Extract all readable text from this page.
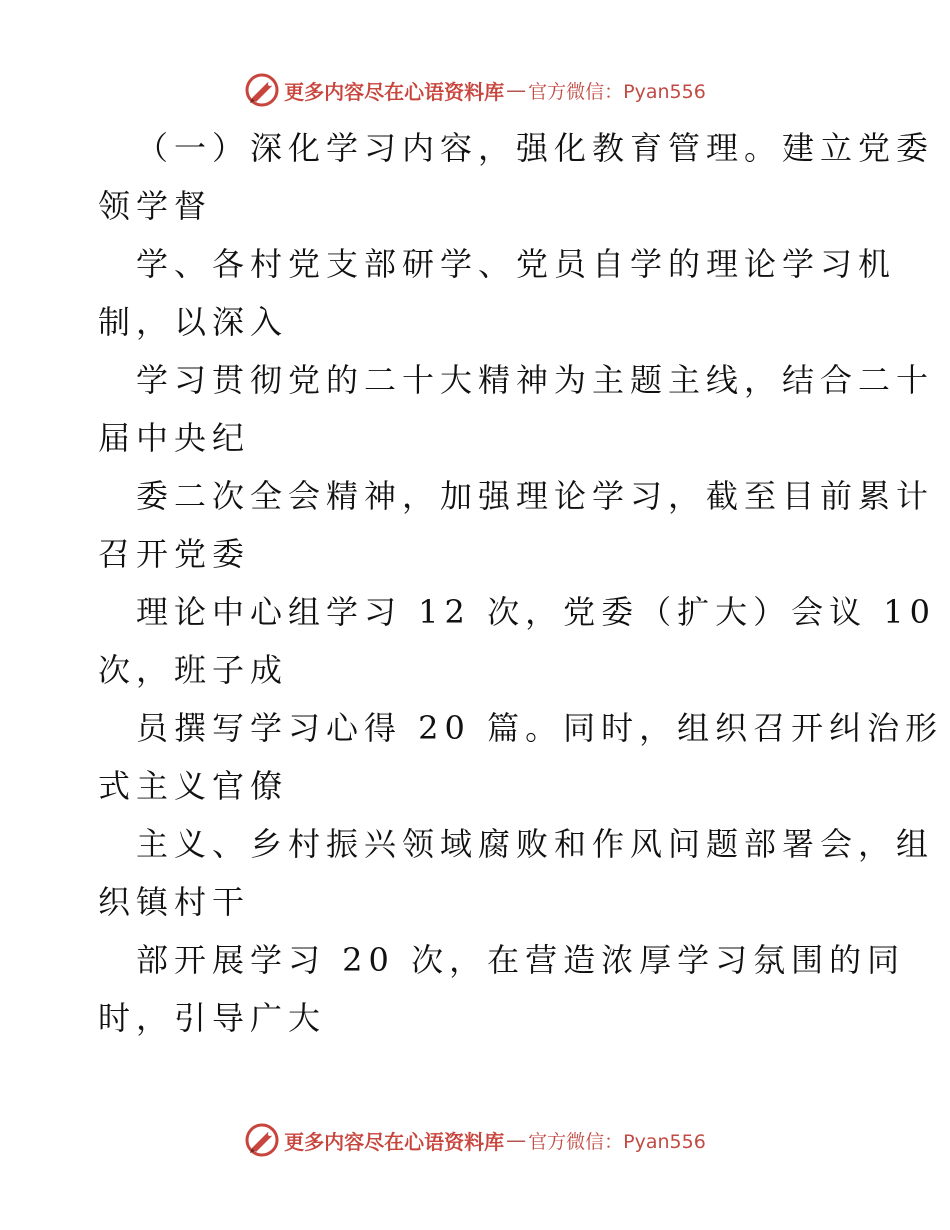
更多内容尽在心语资料库 — 官方微信：Pyan556
（一）深化学习内容，强化教育管理。建立党委
领学督
学、各村党支部研学、党员自学的理论学习机
制，以深入
学习贯彻党的二十大精神为主题主线，结合二十
届中央纪
委二次全会精神，加强理论学习，截至目前累计
召开党委
理论中心组学习 12 次，党委（扩大）会议 10
次，班子成
员撰写学习心得 20 篇。同时，组织召开纠治形
式主义官僚
主义、乡村振兴领域腐败和作风问题部署会，组
织镇村干
部开展学习 20 次，在营造浓厚学习氛围的同
时，引导广大
更多内容尽在心语资料库 — 官方微信：Pyan556
